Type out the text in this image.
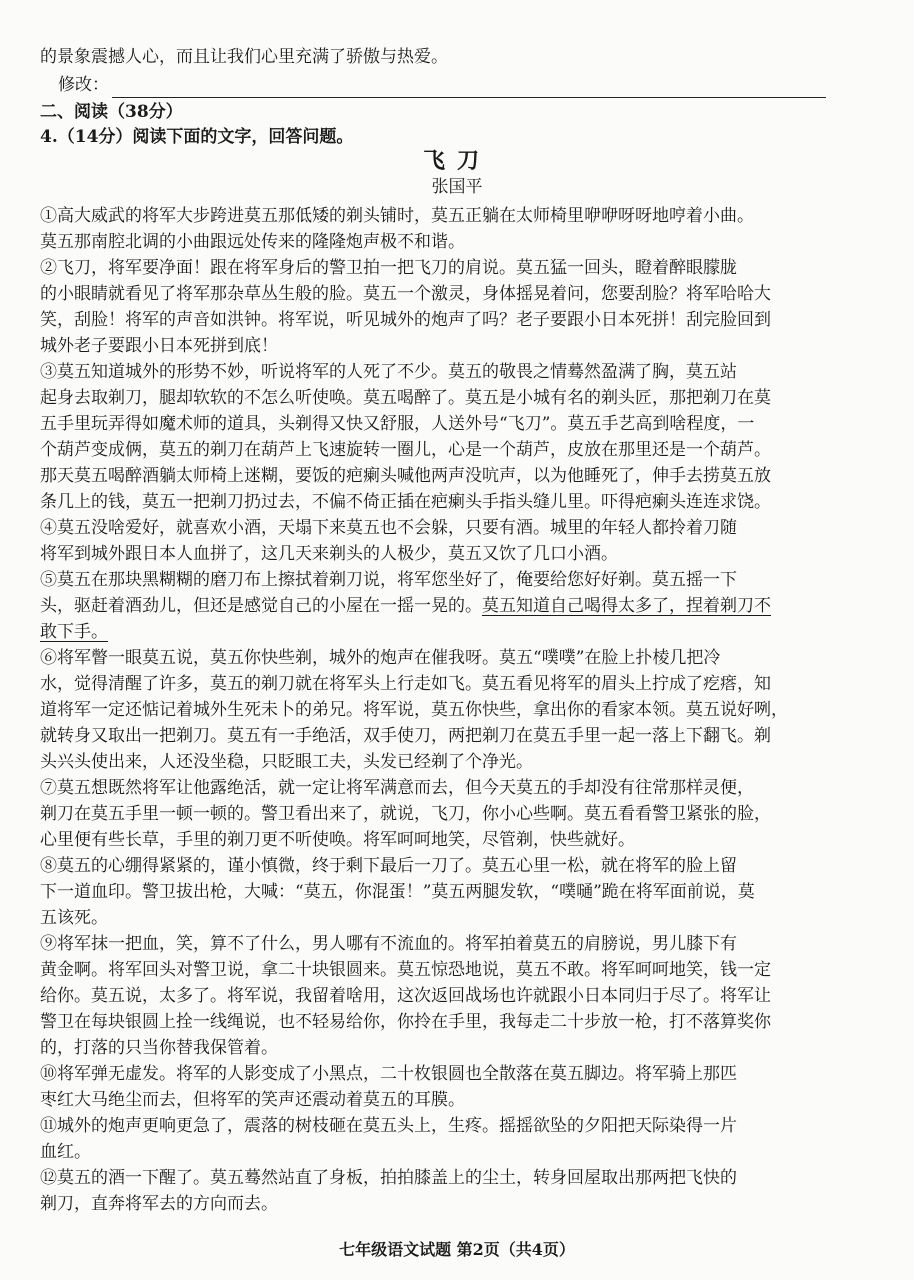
的景象震撼人心，而且让我们心里充满了骄傲与热爱。
修改：
二、阅读（38分）
4.（14分）阅读下面的文字，回答问题。
飞刀
张国平
①高大威武的将军大步跨进莫五那低矮的剃头铺时，莫五正躺在太师椅里咿咿呀呀地哼着小曲。
莫五那南腔北调的小曲跟远处传来的隆隆炮声极不和谐。
②飞刀，将军要净面！跟在将军身后的警卫拍一把飞刀的肩说。莫五猛一回头，瞪着醉眼朦胧
的小眼睛就看见了将军那杂草丛生般的脸。莫五一个激灵，身体摇晃着问，您要刮脸？将军哈哈大
笑，刮脸！将军的声音如洪钟。将军说，听见城外的炮声了吗？老子要跟小日本死拼！刮完脸回到
城外老子要跟小日本死拼到底！
③莫五知道城外的形势不妙，听说将军的人死了不少。莫五的敬畏之情蓦然盈满了胸，莫五站
起身去取剃刀，腿却软软的不怎么听使唤。莫五喝醉了。莫五是小城有名的剃头匠，那把剃刀在莫
五手里玩弄得如魔术师的道具，头剃得又快又舒服，人送外号“飞刀”。莫五手艺高到啥程度，一
个葫芦变成俩，莫五的剃刀在葫芦上飞速旋转一圈儿，心是一个葫芦，皮放在那里还是一个葫芦。
那天莫五喝醉酒躺太师椅上迷糊，要饭的疤瘌头喊他两声没吭声，以为他睡死了，伸手去捞莫五放
条几上的钱，莫五一把剃刀扔过去，不偏不倚正插在疤瘌头手指头缝儿里。吓得疤瘌头连连求饶。
④莫五没啥爱好，就喜欢小酒，天塌下来莫五也不会躲，只要有酒。城里的年轻人都拎着刀随
将军到城外跟日本人血拼了，这几天来剃头的人极少，莫五又饮了几口小酒。
⑤莫五在那块黑糊糊的磨刀布上擦拭着剃刀说，将军您坐好了，俺要给您好好剃。莫五摇一下
头，驱赶着酒劲儿，但还是感觉自己的小屋在一摇一晃的。莫五知道自己喝得太多了，捏着剃刀不
敢下手。
⑥将军瞥一眼莫五说，莫五你快些剃，城外的炮声在催我呀。莫五“噗噗”在脸上扑棱几把冷
水，觉得清醒了许多，莫五的剃刀就在将军头上行走如飞。莫五看见将军的眉头上拧成了疙瘩，知
道将军一定还惦记着城外生死未卜的弟兄。将军说，莫五你快些，拿出你的看家本领。莫五说好咧，
就转身又取出一把剃刀。莫五有一手绝活，双手使刀，两把剃刀在莫五手里一起一落上下翻飞。剃
头兴头使出来，人还没坐稳，只眨眼工夫，头发已经剃了个净光。
⑦莫五想既然将军让他露绝活，就一定让将军满意而去，但今天莫五的手却没有往常那样灵便，
剃刀在莫五手里一顿一顿的。警卫看出来了，就说，飞刀，你小心些啊。莫五看看警卫紧张的脸，
心里便有些长草，手里的剃刀更不听使唤。将军呵呵地笑，尽管剃，快些就好。
⑧莫五的心绷得紧紧的，谨小慎微，终于剩下最后一刀了。莫五心里一松，就在将军的脸上留
下一道血印。警卫拔出枪，大喊：“莫五，你混蛋！”莫五两腿发软，“噗嗵”跪在将军面前说，莫
五该死。
⑨将军抹一把血，笑，算不了什么，男人哪有不流血的。将军拍着莫五的肩膀说，男儿膝下有
黄金啊。将军回头对警卫说，拿二十块银圆来。莫五惊恐地说，莫五不敢。将军呵呵地笑，钱一定
给你。莫五说，太多了。将军说，我留着啥用，这次返回战场也许就跟小日本同归于尽了。将军让
警卫在每块银圆上拴一线绳说，也不轻易给你，你拎在手里，我每走二十步放一枪，打不落算奖你
的，打落的只当你替我保管着。
⑩将军弹无虚发。将军的人影变成了小黑点，二十枚银圆也全散落在莫五脚边。将军骑上那匹
枣红大马绝尘而去，但将军的笑声还震动着莫五的耳膜。
⑪城外的炮声更响更急了，震落的树枝砸在莫五头上，生疼。摇摇欲坠的夕阳把天际染得一片
血红。
⑫莫五的酒一下醒了。莫五蓦然站直了身板，拍拍膝盖上的尘土，转身回屋取出那两把飞快的
剃刀，直奔将军去的方向而去。
七年级语文试题 第2页（共4页）
